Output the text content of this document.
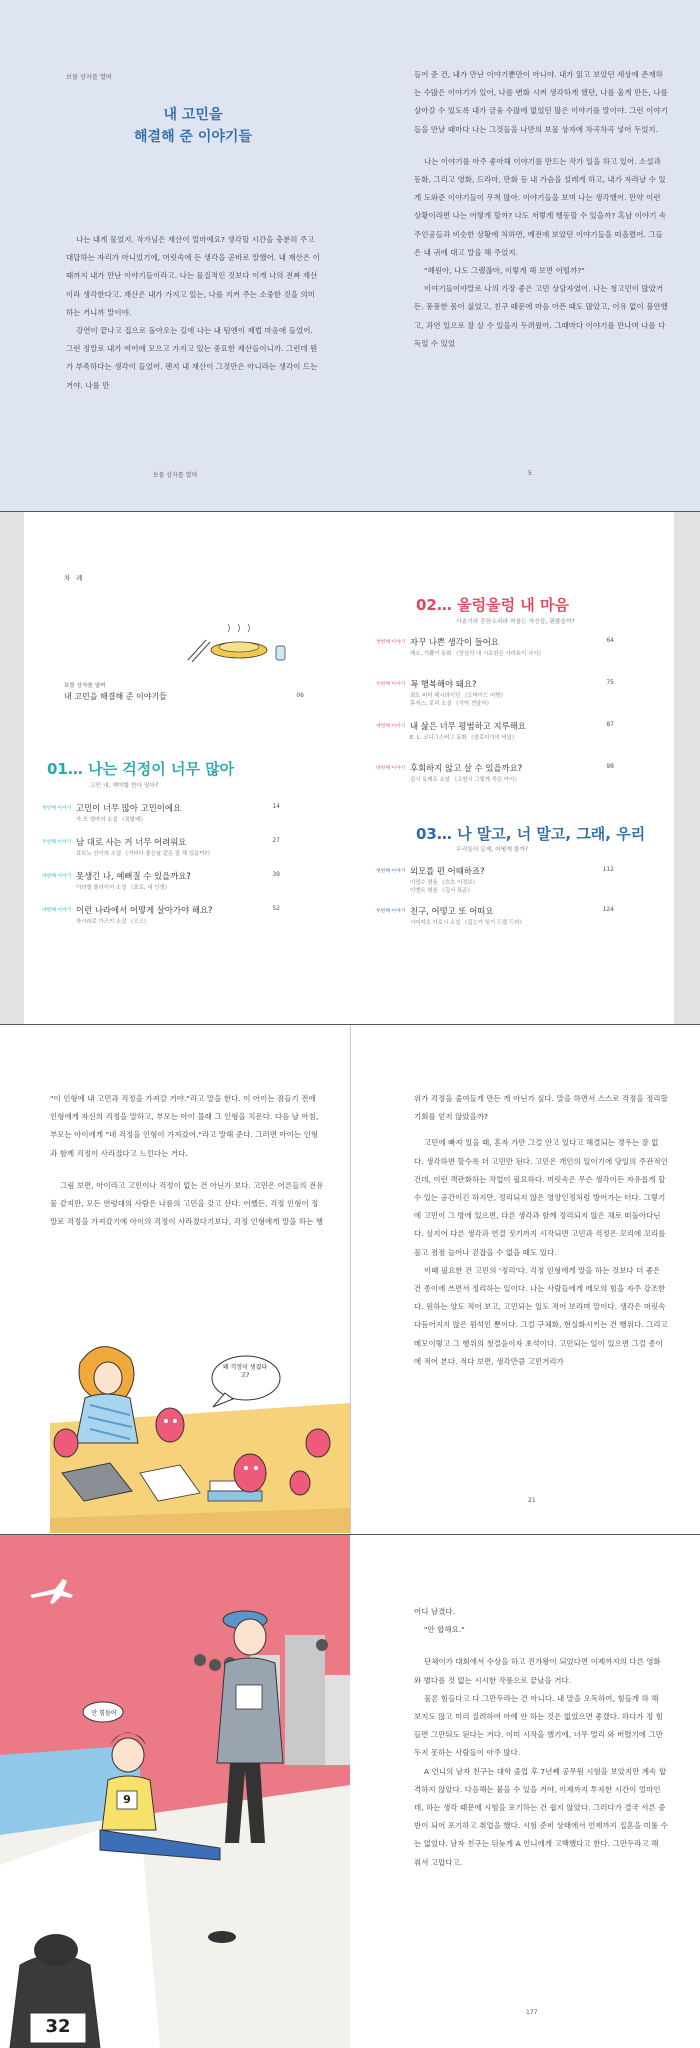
보물 상자를 열며
내 고민을
해결해 준 이야기들

나는 내게 물었지. 작가님은 재산이 얼마예요? 생각할 시간을 충분히 주고 대답하는 자리가 아니었기에, 머릿속에 든 생각을 곧바로 말했어. 내 재산은 이때까지 내가 만난 이야기들이라고. 나는 물질적인 것보다 이게 나의 전짜 재산이라 생각한다고. 재산은 내가 가지고 있는, 나를 지켜 주는 소중한 것을 의미하는 거니까 말이야.

강연이 끝나고 집으로 돌아오는 길에 나는 내 팀엔이 제법 마음에 들었어. 그런 정말로 내가 여어에 모으고 가지고 있는 중요한 재산들이니까. 그런데 뭔가 부족하다는 생각이 들었어. 팬지 내 재산이 그것만은 아니라는 생각이 드는 거야. 나를 만

보물 상자를 열며

들어 준 건, 내가 만난 이야기뿐만이 아니야. 내가 읽고 보았던 세상에 존재하는 수많은 이야기가 있어, 나를 변화 시켜 생각하게 했던, 나를 울게 만든, 나를 살아갈 수 있도록 내가 금융 수많에 없었던 많은 이야기를 말이야. 그런 이야기들을 만날 때마다 나는 그것들을 나만의 보물 상자에 차곡차곡 넣어 두었지.

나는 이야기를 아주 좋아해 이야기를 만드는 작가 일을 하고 있어. 소설과 동화, 그리고 영화, 드라마, 만화 등 내 가슴을 설레게 하고, 내가 자라날 수 있게 도와준 이야기들이 무척 많아. 이야기들을 보며 나는 생각했어. 만약 이런 상황이라면 나는 어떻게 할까? 나도 저렇게 행동할 수 있을까? 혹남 이야기 속 주인공들과 비슷한 상황에 처하면, 예전에 보았던 이야기들을 떠올렸어. 그들은 내 귀에 대고 말을 해 주었지.

"혜원아, 나도 그랬잖아, 이렇게 해 보면 어떨까?"

이야기들이야말로 나의 가장 좋은 고민 상담자였어. 나는 청고민이 많았거든. 풍풍한 몸이 싫었고, 친구 때문에 마음 아픈 때도 많았고, 이유 없이 불안했고, 과연 있으로 잘 살 수 있을지 두려웠어. 그때마다 이야기를 만나며 나를 다독일 수 있었

5
차 례
보물 상자를 열며
내 고민을 해결해 준 이야기들	06
01… 나는 걱정이 너무 많아
고민 내, 해야할 한다 잊다?
첫번째 이야기 고민이 너무 많아 고민이에요
가 모 엄마의 소설 《폭탈레》
14
두번째 이야기 남 대로 사는 거 너무 어려워요
큐모노 신이의 소설 《거미다 좋은날 같은 잘 해 있을까?》
27
세번째 이야기 못생긴 나, 예뻐질 수 있을까요?
이라엘 플라이어 소설 《표로, 내 인생》
39
네번째 이야기 이런 나라에서 어떻게 살아가야 해요?
하시라로 가즈키 소설 《으으》
52
02… 울렁울렁 내 마음
사춘기와 흔한소리라 어울는 자신들, 괜찮을까?
첫번째 이야기 자꾸 나쁜 생각이 들어요
해소, 기쁨이 동화 《당심의 내 시요한은 사라토이 사이》
64
두번째 이야기 꼭 행복해야 돼요?
최도 피터 레시라이던 《도바이드 어쩜》
휴저스, 로리 소설 《기억 전달자》
75
세번째 이야기 내 삶은 너무 평범하고 지루해요
E. L. 코니그스버그 동화 《클로디아의 비밀》
87
네번째 이야기 후회하지 않고 살 수 있을까요?
김시 요레프 소설 《고원시 그렇게 죽은 아이》
98
03… 나 말고, 너 말고, 그래, 우리
우리들의 문제, 어떻게 풀까?
첫번째 이야기 외모를 편 어때하죠?
이영수 엮음 《흐흐 이정보》
이엔트 엮음 《깊서 표준》
112
두번째 이야기 친구, 어떻고 또 어떠요
시어지오 가로시 소설 《깊는가 잊기 드렸 드라》
124

"이 인형에 내 고민과 걱정을 가져갈 거야."라고 말을 한다. 이 아이는 잠들기 전에 인형에게 자신의 걱정을 말하고, 부모는 아이 몰래 그 인형을 치운다. 다음 날 아침, 부모는 아이에게 "네 걱정을 인형이 가져갔어."라고 말해 준다. 그러면 아이는 인형과 함께 걱정이 사라졌다고 느낀다는 거다.

그림 보면, 아이라고 고민이나 걱정이 없는 건 아닌가 보다. 고민은 어른들의 전유물 같지만, 모든 연령대의 사람은 나름의 고민을 갖고 산다. 어쨌든, 걱정 인형이 정말로 걱정을 가져갔기에 아이의 걱정이 사라졌다기보다, 걱정 인형에게 말을 하는 행

왜 걱정이 생겼다고?

위가 걱정을 줄여들게 만든 게 아닌가 싶다. 말을 하면서 스스로 걱정을 정리할 기회를 얻지 않았을까?

고민에 빠져 있을 때, 혼자 가만 그걸 안고 있다고 해결되는 경우는 잘 없다. 생각하면 할수록 더 고민만 된다. 고민은 개인의 일이기에 당일의 주관적인 건데, 이런 객관화하는 작업이 필요하다. 머릿속은 무슨 생각이든 자유롭게 할 수 있는 공간이긴 하지만, 정리되지 않은 영양인정처럼 방어가는 터다. 그렇기에 고민이 그 방에 있으면, 다른 생각과 함께 정리되지 않은 채로 떠돌아다닌다. 심지어 다른 생각과 연결 짓기까지 시작되면 고민과 걱정은 꼬리에 꼬리를 물고 점점 늘어나 걷잡을 수 없을 때도 있다.

이때 필요한 건 고민의 '정리'다. 걱정 인형에게 말을 하는 것보다 더 좋은 건 종이에 쓰면서 정리하는 일이다. 나는 사람들에게 메모의 힘을 자주 강조한다. 원하는 양도 적어 보고, 고민되는 일도 적어 보라며 말이다. 생각은 머릿속 다듬어지지 않은 원석인 뿐이다. 그걸 구체화, 현실화시키는 건 행위다. 그리고 메모이렇고 그 행위의 첫걸음이자 초석이다. 고민되는 일이 있으면 그걸 종이에 적어 본다. 적다 보면, 생각만큼 고민거리가

21
안 힘들어
9
32

어디 남겼다.

"안 합해요."

단체이가 대회에서 수상을 하고 진가왕이 되었다면 이제까지의 다른 영화와 별다를 것 없는 시시한 작품으로 끝났을 거다.

물론 힘들다고 다 그만두라는 건 아니다. 내 말을 오독하여, 힘들게 하 해 보지도 않고 미리 질려하여 아예 안 하는 것은 없었으면 좋겠다. 하다가 정 힘들면 그만둬도 된다는 거다. 이미 시작을 했기에, 너무 멀리 와 버렸기에 그만두지 못하는 사람들이 아주 많다.

A 언니의 남자 친구는 대학 졸업 후 7년째 공무원 시험을 보았지만 계속 합격하지 않았다. 다음해는 붙을 수 있을 거야, 이제까지 투자한 시간이 얼마인데, 하는 생각 때문에 시험을 포기하는 건 쉽지 않았다. 그러다가 결국 서른 중반이 되어 포기하고 취업을 했다. 시험 준비 상태에서 언제까지 집혼을 미룰 수는 없었다. 남자 친구는 뒤늦게 A 언니에게 고백했다고 한다. 그만두라고 해 줘서 고맙다고.

177
